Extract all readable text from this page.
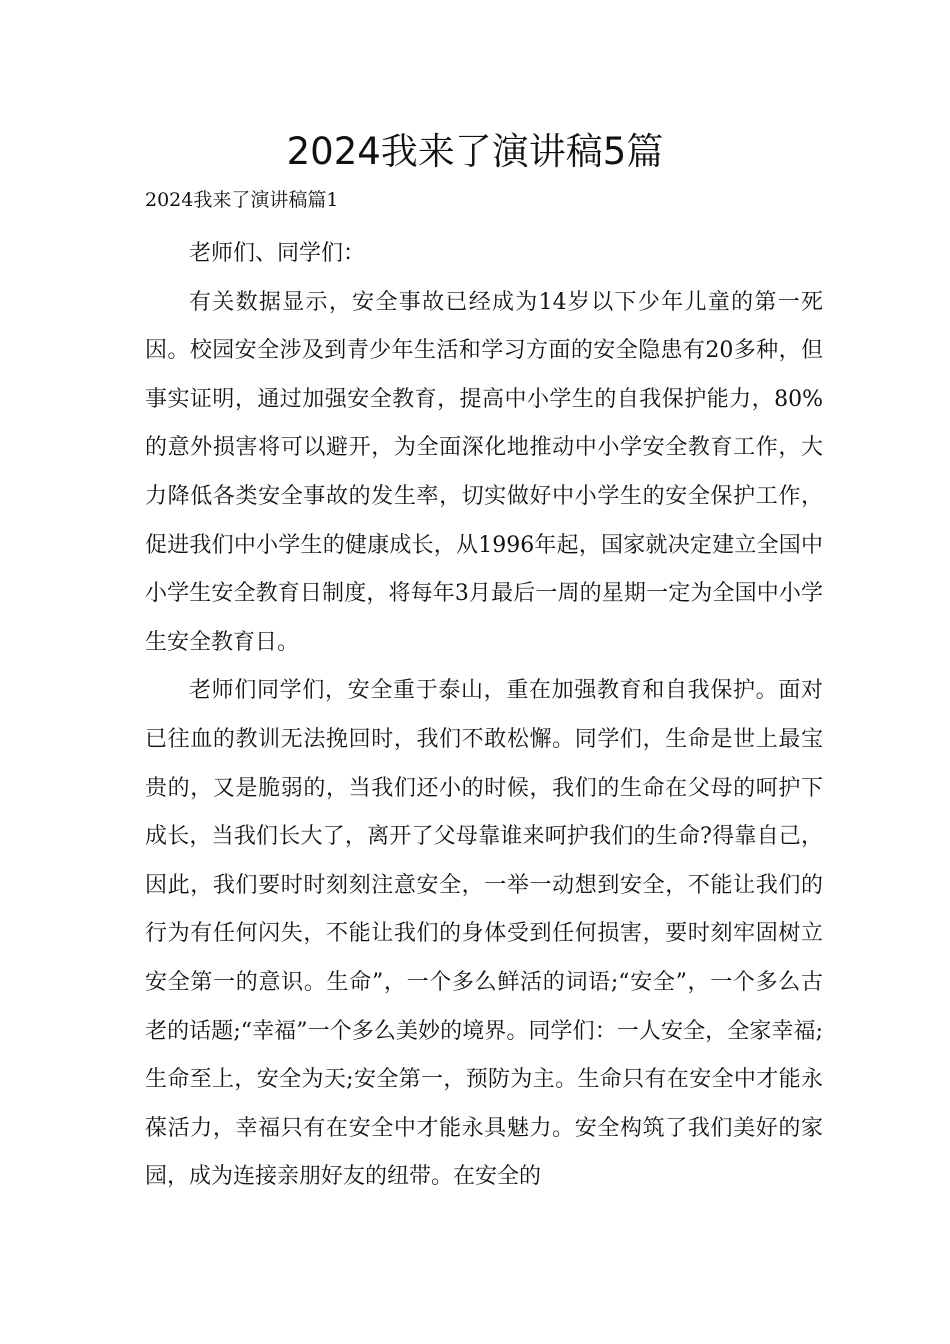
2024我来了演讲稿5篇
2024我来了演讲稿篇1

老师们、同学们：

有关数据显示，安全事故已经成为14岁以下少年儿童的第一死因。校园安全涉及到青少年生活和学习方面的安全隐患有20多种，但事实证明，通过加强安全教育，提高中小学生的自我保护能力，80%的意外损害将可以避开，为全面深化地推动中小学安全教育工作，大力降低各类安全事故的发生率，切实做好中小学生的安全保护工作，促进我们中小学生的健康成长，从1996年起，国家就决定建立全国中小学生安全教育日制度，将每年3月最后一周的星期一定为全国中小学生安全教育日。

老师们同学们，安全重于泰山，重在加强教育和自我保护。面对已往血的教训无法挽回时，我们不敢松懈。同学们，生命是世上最宝贵的，又是脆弱的，当我们还小的时候，我们的生命在父母的呵护下成长，当我们长大了，离开了父母靠谁来呵护我们的生命?得靠自己，因此，我们要时时刻刻注意安全，一举一动想到安全，不能让我们的行为有任何闪失，不能让我们的身体受到任何损害，要时刻牢固树立安全第一的意识。生命”，一个多么鲜活的词语;“安全”，一个多么古老的话题;“幸福”一个多么美妙的境界。同学们：一人安全，全家幸福;生命至上，安全为天;安全第一，预防为主。生命只有在安全中才能永葆活力，幸福只有在安全中才能永具魅力。安全构筑了我们美好的家园，成为连接亲朋好友的纽带。在安全的
